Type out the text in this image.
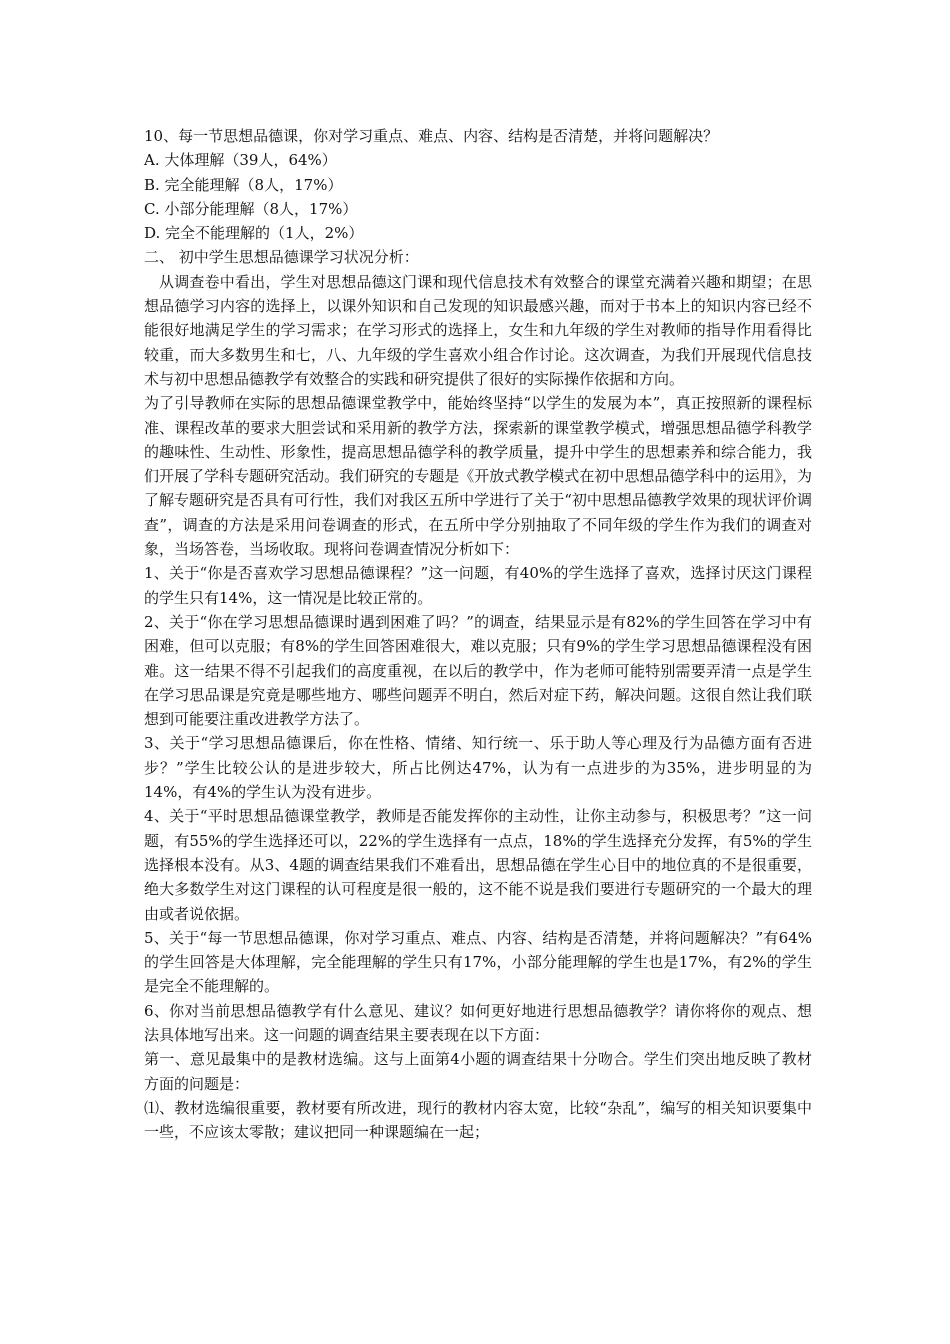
10、每一节思想品德课，你对学习重点、难点、内容、结构是否清楚，并将问题解决？

A. 大体理解（39人，64%）

B. 完全能理解（8人，17%）

C. 小部分能理解（8人，17%）

D. 完全不能理解的（1人，2%）

二、 初中学生思想品德课学习状况分析：

从调查卷中看出，学生对思想品德这门课和现代信息技术有效整合的课堂充满着兴趣和期望；在思想品德学习内容的选择上，以课外知识和自己发现的知识最感兴趣，而对于书本上的知识内容已经不能很好地满足学生的学习需求；在学习形式的选择上，女生和九年级的学生对教师的指导作用看得比较重，而大多数男生和七，八、九年级的学生喜欢小组合作讨论。这次调查，为我们开展现代信息技术与初中思想品德教学有效整合的实践和研究提供了很好的实际操作依据和方向。

为了引导教师在实际的思想品德课堂教学中，能始终坚持“以学生的发展为本”，真正按照新的课程标准、课程改革的要求大胆尝试和采用新的教学方法，探索新的课堂教学模式，增强思想品德学科教学的趣味性、生动性、形象性，提高思想品德学科的教学质量，提升中学生的思想素养和综合能力，我们开展了学科专题研究活动。我们研究的专题是《开放式教学模式在初中思想品德学科中的运用》，为了解专题研究是否具有可行性，我们对我区五所中学进行了关于“初中思想品德教学效果的现状评价调查”，调查的方法是采用问卷调查的形式，在五所中学分别抽取了不同年级的学生作为我们的调查对象，当场答卷，当场收取。现将问卷调查情况分析如下：

1、关于“你是否喜欢学习思想品德课程？”这一问题，有40%的学生选择了喜欢，选择讨厌这门课程的学生只有14%，这一情况是比较正常的。

2、关于“你在学习思想品德课时遇到困难了吗？”的调查，结果显示是有82%的学生回答在学习中有困难，但可以克服；有8%的学生回答困难很大，难以克服；只有9%的学生学习思想品德课程没有困难。这一结果不得不引起我们的高度重视，在以后的教学中，作为老师可能特别需要弄清一点是学生在学习思品课是究竟是哪些地方、哪些问题弄不明白，然后对症下药，解决问题。这很自然让我们联想到可能要注重改进教学方法了。

3、关于“学习思想品德课后，你在性格、情绪、知行统一、乐于助人等心理及行为品德方面有否进步？”学生比较公认的是进步较大，所占比例达47%，认为有一点进步的为35%，进步明显的为14%，有4%的学生认为没有进步。

4、关于“平时思想品德课堂教学，教师是否能发挥你的主动性，让你主动参与，积极思考？”这一问题，有55%的学生选择还可以，22%的学生选择有一点点，18%的学生选择充分发挥，有5%的学生选择根本没有。从3、4题的调查结果我们不难看出，思想品德在学生心目中的地位真的不是很重要，绝大多数学生对这门课程的认可程度是很一般的，这不能不说是我们要进行专题研究的一个最大的理由或者说依据。

5、关于“每一节思想品德课，你对学习重点、难点、内容、结构是否清楚，并将问题解决？”有64%的学生回答是大体理解，完全能理解的学生只有17%，小部分能理解的学生也是17%，有2%的学生是完全不能理解的。

6、你对当前思想品德教学有什么意见、建议？如何更好地进行思想品德教学？请你将你的观点、想法具体地写出来。这一问题的调查结果主要表现在以下方面：

第一、意见最集中的是教材选编。这与上面第4小题的调查结果十分吻合。学生们突出地反映了教材方面的问题是：

⑴、教材选编很重要，教材要有所改进，现行的教材内容太宽，比较“杂乱”，编写的相关知识要集中一些，不应该太零散；建议把同一种课题编在一起；
